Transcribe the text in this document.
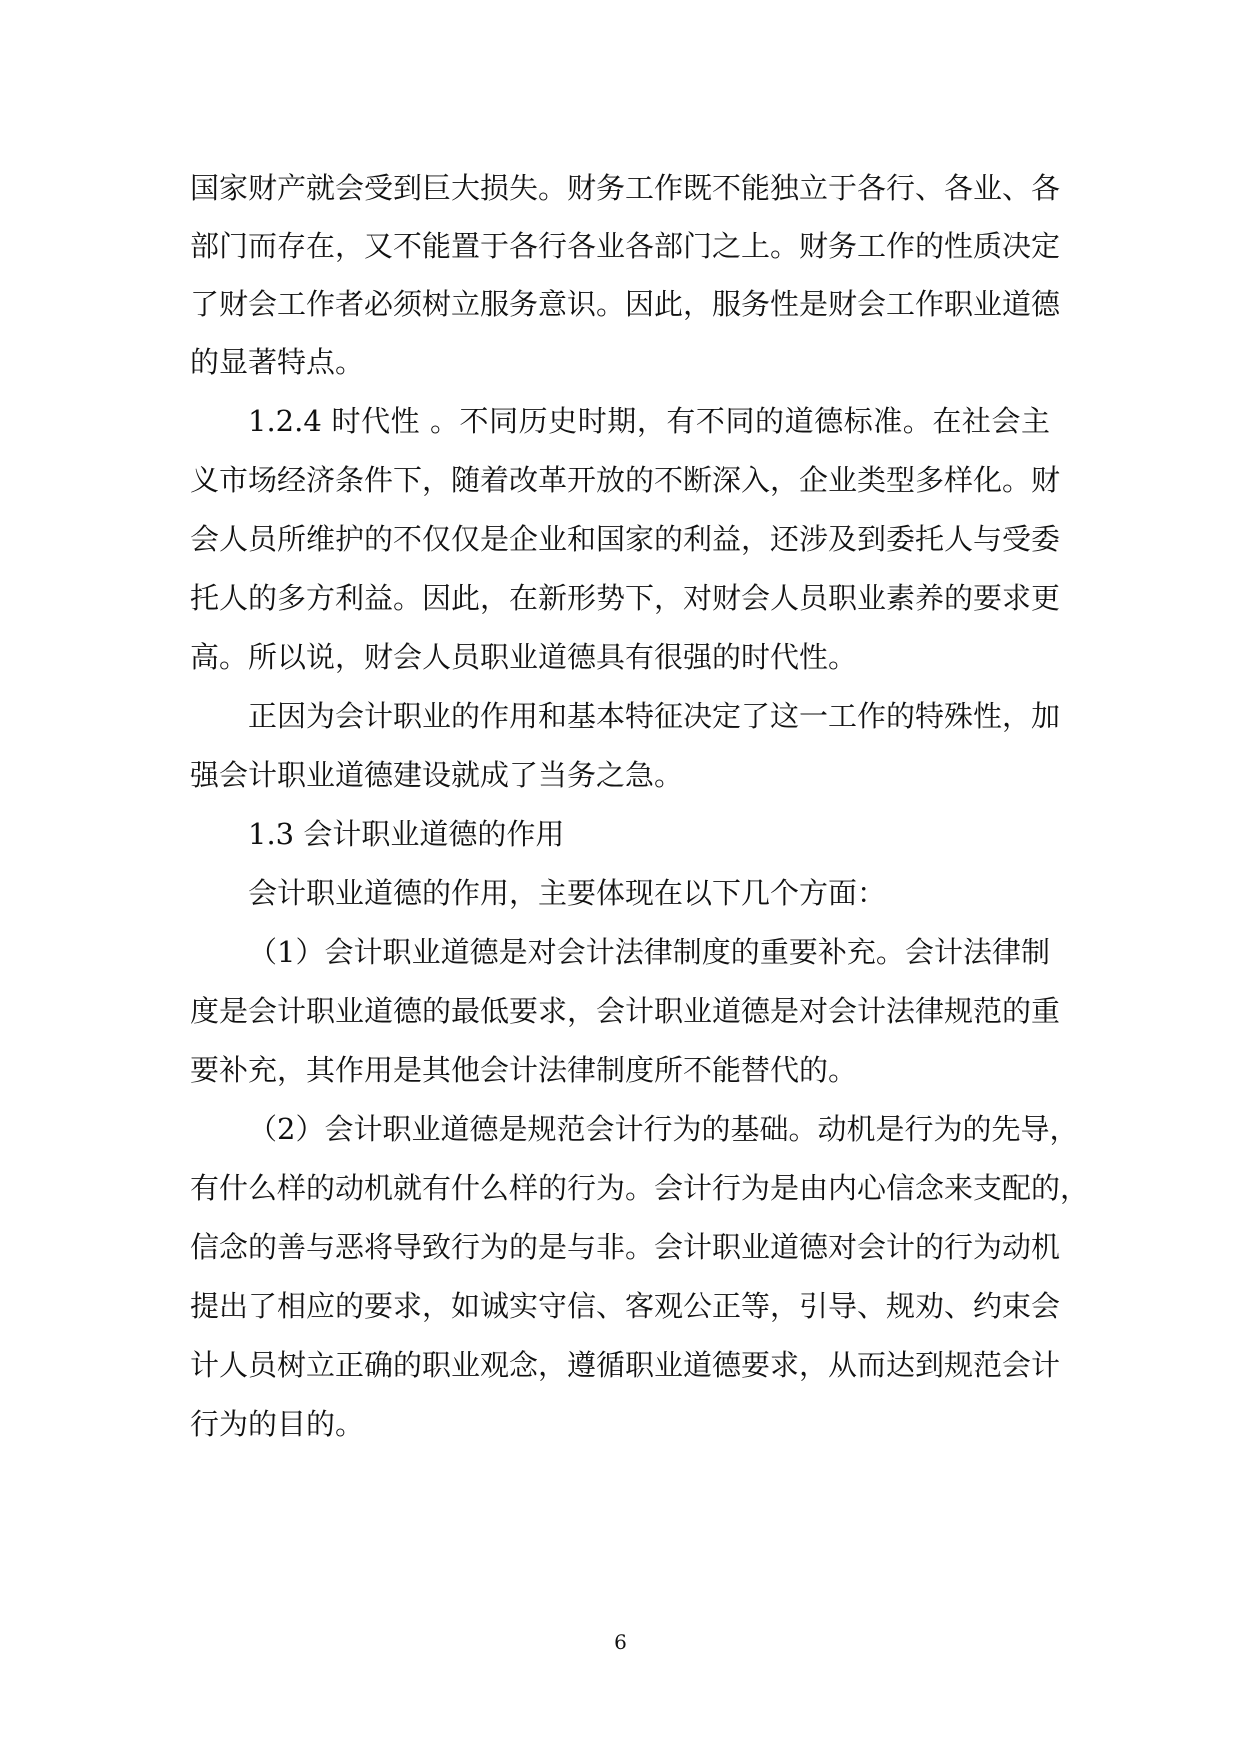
国家财产就会受到巨大损失。财务工作既不能独立于各行、各业、各
部门而存在，又不能置于各行各业各部门之上。财务工作的性质决定
了财会工作者必须树立服务意识。因此，服务性是财会工作职业道德
的显著特点。
1.2.4 时代性 。不同历史时期，有不同的道德标准。在社会主
义市场经济条件下，随着改革开放的不断深入，企业类型多样化。财
会人员所维护的不仅仅是企业和国家的利益，还涉及到委托人与受委
托人的多方利益。因此，在新形势下，对财会人员职业素养的要求更
高。所以说，财会人员职业道德具有很强的时代性。
正因为会计职业的作用和基本特征决定了这一工作的特殊性，加
强会计职业道德建设就成了当务之急。
1.3 会计职业道德的作用
会计职业道德的作用，主要体现在以下几个方面：
（1）会计职业道德是对会计法律制度的重要补充。会计法律制
度是会计职业道德的最低要求，会计职业道德是对会计法律规范的重
要补充，其作用是其他会计法律制度所不能替代的。
（2）会计职业道德是规范会计行为的基础。动机是行为的先导，
有什么样的动机就有什么样的行为。会计行为是由内心信念来支配的，
信念的善与恶将导致行为的是与非。会计职业道德对会计的行为动机
提出了相应的要求，如诚实守信、客观公正等，引导、规劝、约束会
计人员树立正确的职业观念，遵循职业道德要求，从而达到规范会计
行为的目的。
6
